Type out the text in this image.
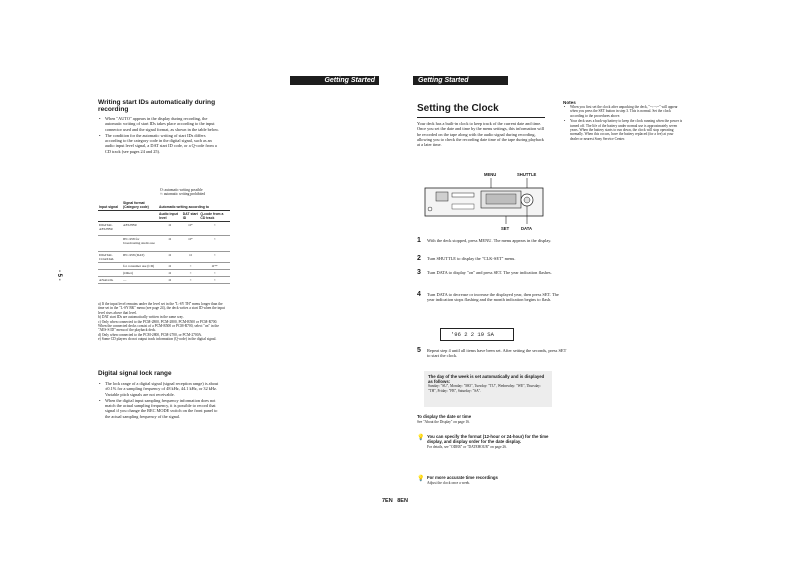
Getting Started
- 5 -
Writing start IDs automatically during recording
• When "AUTO" appears in the display during recording, the automatic writing of start IDs takes place according to the input connector used and the signal format, as shown in the table below.
• The condition for the automatic writing of start IDs differs according to the category code in the digital signal, such as an audio input level signal, a DAT start ID code, or a Q-code from a CD track (see pages 24 and 25).
O: automatic writing possible
×: automatic writing prohibited
Input signal	Signal format (Category code)	Automatic writing according to		
		Audio input level	DAT start ID	Q-code from a CD track
DIGITAL AES/EBU	AES/EBU	O	O*	×
	IEC-958 for broadcasting studio use	O	O*	×
DIGITAL COAXIAL	IEC-958 (DAT)	O	O	×
	for consumer use (CD)	O	×	O**
	(Other)	O	×	×
ANALOG	—	O	×	×
a) If the input level remains under the level set in the "L-SY TH" menu longer than the time set in the "L-SY BK" menu (see page 24), the deck writes a start ID when the input level rises above that level.
b) DAT start IDs are automatically written in the same way.
c) Only when connected to the PCM-2800, PCM-2800, PCM-R500 or PCM-R700. When the connected decks consist of a PCM-R500 or PCM-R700, select "on" in the "AES-S ID" menu of the playback deck.
d) Only when connected to the PCM-2800, PCM-2700, or PCM-2700A.
e) Some CD players do not output track information (Q-code) in the digital signal.
Digital signal lock range
• The lock range of a digital signal (signal reception range) is about ±0.1% for a sampling frequency of 48 kHz, 44.1 kHz, or 32 kHz. Variable pitch signals are not receivable.
• When the digital input sampling frequency information does not match the actual sampling frequency, it is possible to record that signal if you change the REC MODE switch on the front panel to the actual sampling frequency of the signal.
7EN 8EN
Getting Started
Setting the Clock
Your deck has a built-in clock to keep track of the current date and time. Once you set the date and time by the menu settings, this information will be recorded on the tape along with the audio signal during recording, allowing you to check the recording date time of the tape during playback at a later time.
MENU	SHUTTLE
SET	DATA
1 With the deck stopped, press MENU. The menu appears in the display.
2 Turn SHUTTLE to display the "CLK-SET" menu.
3 Turn DATA to display "on" and press SET. The year indication flashes.
4 Turn DATA to decrease or increase the displayed year, then press SET. The year indication stops flashing and the month indication begins to flash.
'96 2 2 19 SA
5 Repeat step 4 until all items have been set. After setting the seconds, press SET to start the clock.
The day of the week is set automatically and is displayed as follows:
Sunday: "SU", Monday: "MO", Tuesday: "TU", Wednesday: "WE", Thursday: "TH", Friday: "FR", Saturday: "SA".
To display the date or time
See "About the Display" on page 16.
💡 You can specify the format (12-hour or 24-hour) for the time display, and display order for the date display.
For details, see "ODER" or "DATEHOUR" on page 26.
💡 For more accurate time recordings
Adjust the clock once a week.
Notes
• When you first set the clock after unpacking the deck, "--:--:--" will appear when you press the SET button in step 3. This is normal. Set the clock according to the procedures above.
• Your deck uses a back-up battery to keep the clock running when the power is turned off. The life of the battery under normal use is approximately seven years. When the battery starts to run down, the clock will stop operating normally. When this occurs, have the battery replaced (for a fee) at your dealer or nearest Sony Service Center.
